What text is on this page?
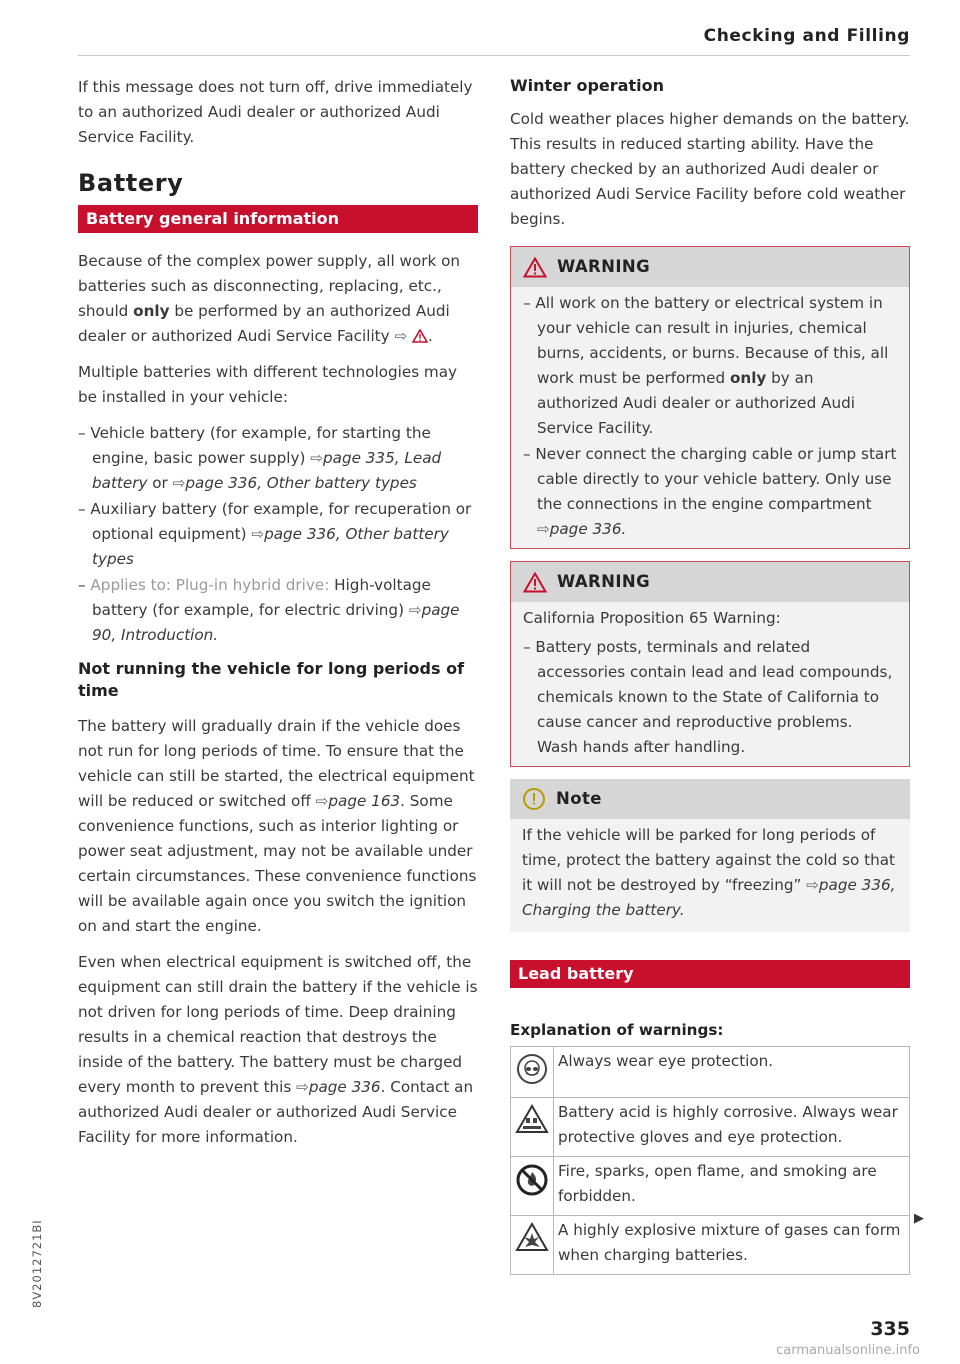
Checking and Filling

If this message does not turn off, drive immediately to an authorized Audi dealer or authorized Audi Service Facility.

Battery
Battery general information

Because of the complex power supply, all work on batteries such as disconnecting, replacing, etc., should only be performed by an authorized Audi dealer or authorized Audi Service Facility ⇨ .

Multiple batteries with different technologies may be installed in your vehicle:

– Vehicle battery (for example, for starting the engine, basic power supply) ⇨page 335, Lead battery or ⇨page 336, Other battery types
– Auxiliary battery (for example, for recuperation or optional equipment) ⇨page 336, Other battery types
– Applies to: Plug-in hybrid drive: High-voltage battery (for example, for electric driving) ⇨page 90, Introduction.
Not running the vehicle for long periods of time

The battery will gradually drain if the vehicle does not run for long periods of time. To ensure that the vehicle can still be started, the electrical equipment will be reduced or switched off ⇨page 163. Some convenience functions, such as interior lighting or power seat adjustment, may not be available under certain circumstances. These convenience functions will be available again once you switch the ignition on and start the engine.

Even when electrical equipment is switched off, the equipment can still drain the battery if the vehicle is not driven for long periods of time. Deep draining results in a chemical reaction that destroys the inside of the battery. The battery must be charged every month to prevent this ⇨page 336. Contact an authorized Audi dealer or authorized Audi Service Facility for more information.

Winter operation

Cold weather places higher demands on the battery. This results in reduced starting ability. Have the battery checked by an authorized Audi dealer or authorized Audi Service Facility before cold weather begins.

WARNING
– All work on the battery or electrical system in your vehicle can result in injuries, chemical burns, accidents, or burns. Because of this, all work must be performed only by an authorized Audi dealer or authorized Audi Service Facility.
– Never connect the charging cable or jump start cable directly to your vehicle battery. Only use the connections in the engine compartment ⇨page 336.
WARNING

California Proposition 65 Warning:

– Battery posts, terminals and related accessories contain lead and lead compounds, chemicals known to the State of California to cause cancer and reproductive problems. Wash hands after handling.
Note

If the vehicle will be parked for long periods of time, protect the battery against the cold so that it will not be destroyed by “freezing” ⇨page 336, Charging the battery.

Lead battery
Explanation of warnings:
	Always wear eye protection.
	Battery acid is highly corrosive. Always wear protective gloves and eye protection.
	Fire, sparks, open flame, and smoking are forbidden.
	A highly explosive mixture of gases can form when charging batteries.
▶
8V2012721BI
335
carmanualsonline.info
